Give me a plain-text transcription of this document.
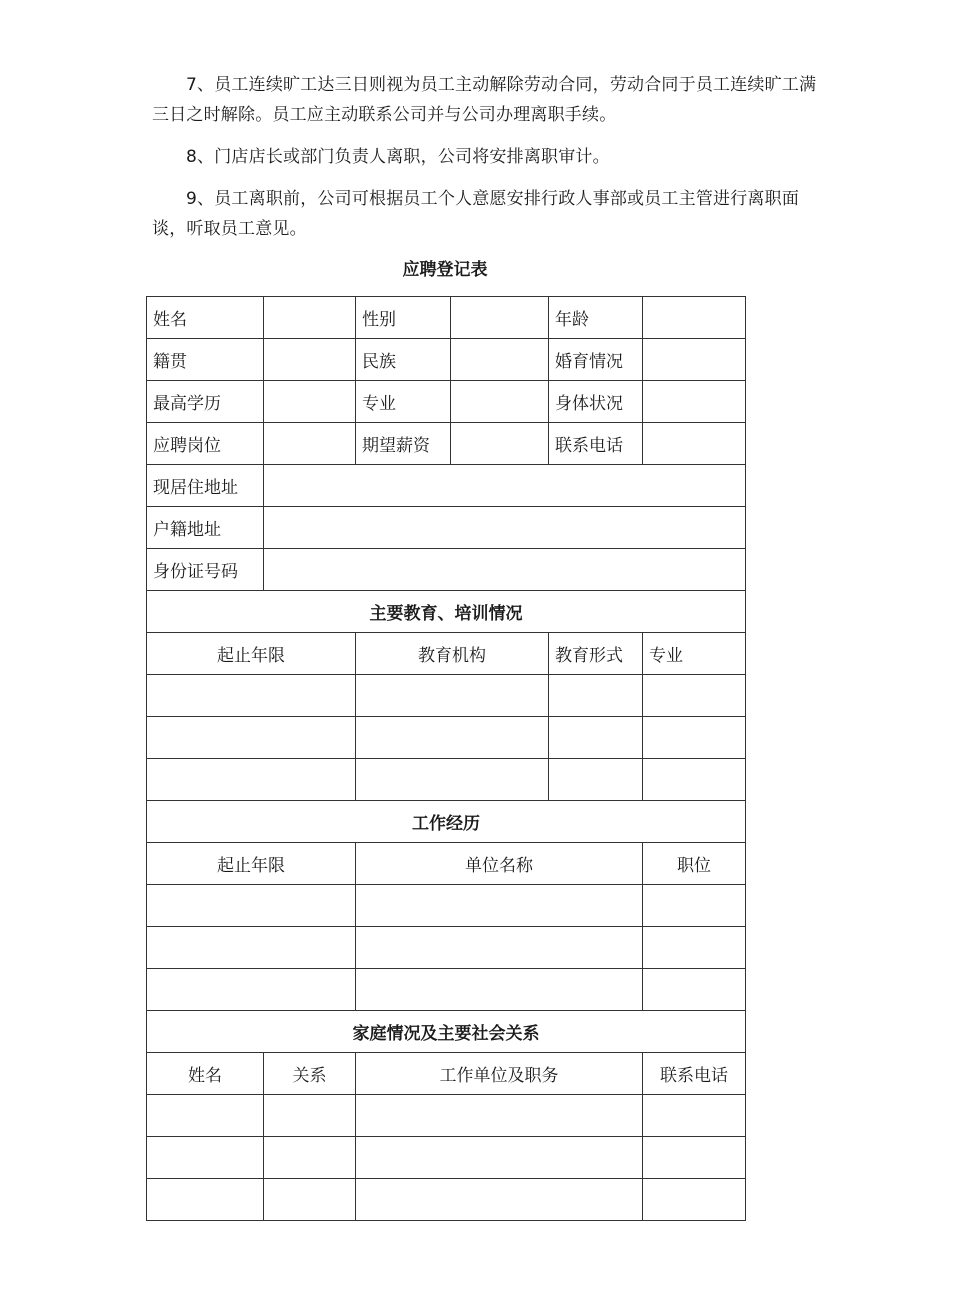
7、员工连续旷工达三日则视为员工主动解除劳动合同，劳动合同于员工连续旷工满三日之时解除。员工应主动联系公司并与公司办理离职手续。

8、门店店长或部门负责人离职，公司将安排离职审计。

9、员工离职前，公司可根据员工个人意愿安排行政人事部或员工主管进行离职面谈，听取员工意见。

应聘登记表
姓名		性别		年龄	
籍贯		民族		婚育情况	
最高学历		专业		身体状况	
应聘岗位		期望薪资		联系电话	
现居住地址					
户籍地址					
身份证号码					
主要教育、培训情况					
起止年限		教育机构		教育形式	专业

工作经历					
起止年限		单位名称			职位

家庭情况及主要社会关系					
姓名	关系	工作单位及职务			联系电话
